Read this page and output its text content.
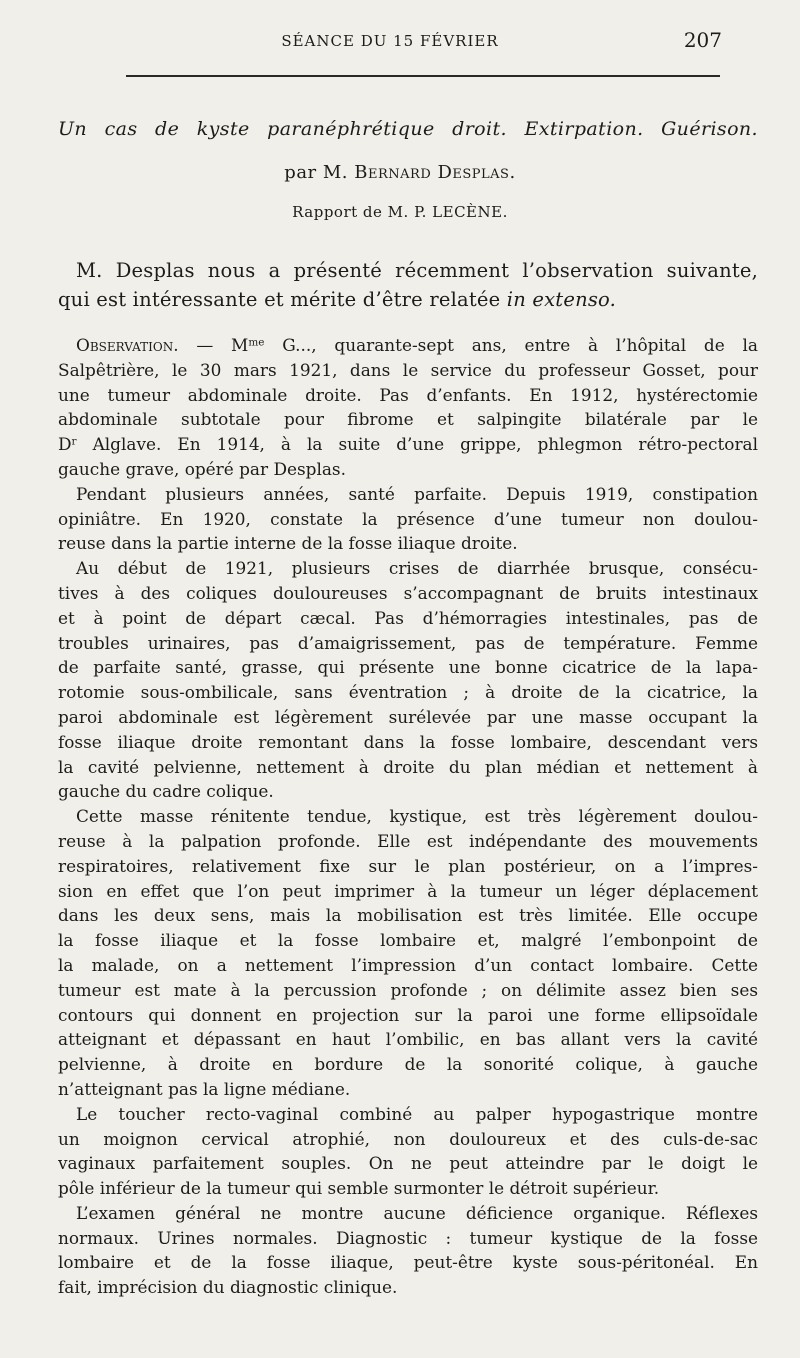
SÉANCE DU 15 FÉVRIER	207
Un cas de kyste paranéphrétique droit. Extirpation. Guérison.
par M. Bernard Desplas.
Rapport de M. P. LECÈNE.
M. Desplas nous a présenté récemment l’observation suivante,
qui est intéressante et mérite d’être relatée in extenso.
Observation. — $M^{me}$ G..., quarante-sept ans, entre à l’hôpital de la
Salpêtrière, le 30 mars 1921, dans le service du professeur Gosset, pour
une tumeur abdominale droite. Pas d’enfants. En 1912, hystérectomie
abdominale subtotale pour fibrome et salpingite bilatérale par le
$D^r$ Alglave. En 1914, à la suite d’une grippe, phlegmon rétro-pectoral
gauche grave, opéré par Desplas.
Pendant plusieurs années, santé parfaite. Depuis 1919, constipation
opiniâtre. En 1920, constate la présence d’une tumeur non doulou-
reuse dans la partie interne de la fosse iliaque droite.
Au début de 1921, plusieurs crises de diarrhée brusque, consécu-
tives à des coliques douloureuses s’accompagnant de bruits intestinaux
et à point de départ cæcal. Pas d’hémorragies intestinales, pas de
troubles urinaires, pas d’amaigrissement, pas de température. Femme
de parfaite santé, grasse, qui présente une bonne cicatrice de la lapa-
rotomie sous-ombilicale, sans éventration ; à droite de la cicatrice, la
paroi abdominale est légèrement surélevée par une masse occupant la
fosse iliaque droite remontant dans la fosse lombaire, descendant vers
la cavité pelvienne, nettement à droite du plan médian et nettement à
gauche du cadre colique.
Cette masse rénitente tendue, kystique, est très légèrement doulou-
reuse à la palpation profonde. Elle est indépendante des mouvements
respiratoires, relativement fixe sur le plan postérieur, on a l’impres-
sion en effet que l’on peut imprimer à la tumeur un léger déplacement
dans les deux sens, mais la mobilisation est très limitée. Elle occupe
la fosse iliaque et la fosse lombaire et, malgré l’embonpoint de
la malade, on a nettement l’impression d’un contact lombaire. Cette
tumeur est mate à la percussion profonde ; on délimite assez bien ses
contours qui donnent en projection sur la paroi une forme ellipsoïdale
atteignant et dépassant en haut l’ombilic, en bas allant vers la cavité
pelvienne, à droite en bordure de la sonorité colique, à gauche
n’atteignant pas la ligne médiane.
Le toucher recto-vaginal combiné au palper hypogastrique montre
un moignon cervical atrophié, non douloureux et des culs-de-sac
vaginaux parfaitement souples. On ne peut atteindre par le doigt le
pôle inférieur de la tumeur qui semble surmonter le détroit supérieur.
L’examen général ne montre aucune déficience organique. Réflexes
normaux. Urines normales. Diagnostic : tumeur kystique de la fosse
lombaire et de la fosse iliaque, peut-être kyste sous-péritonéal. En
fait, imprécision du diagnostic clinique.
